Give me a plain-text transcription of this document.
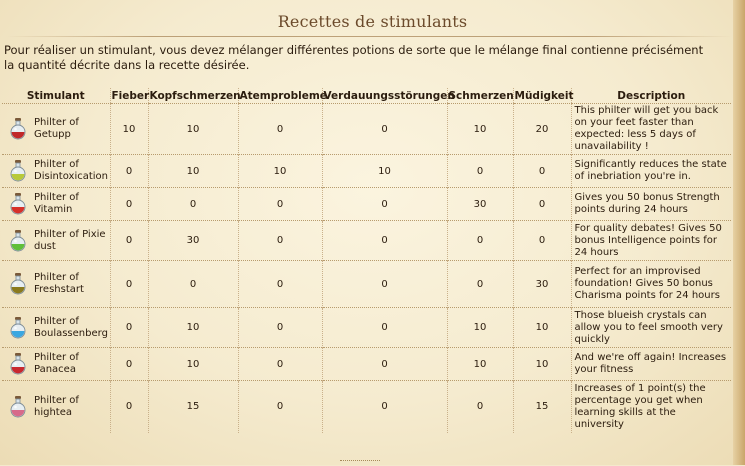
Recettes de stimulants
Pour réaliser un stimulant, vous devez mélanger différentes potions de sorte que le mélange final contienne précisément la quantité décrite dans la recette désirée.
Stimulant	Fieber	Kopfschmerzen	Atemprobleme	Verdauungsstörungen	Schmerzen	Müdigkeit	Description

Philter of Getupp	10	10	0	0	10	20	This philter will get you back on your feet faster than expected: less 5 days of unavailability !

Philter of Disintoxication	0	10	10	10	0	0	Significantly reduces the state of inebriation you're in.

Philter of Vitamin	0	0	0	0	30	0	Gives you 50 bonus Strength points during 24 hours

Philter of Pixie dust	0	30	0	0	0	0	For quality debates! Gives 50 bonus Intelligence points for 24 hours

Philter of Freshstart	0	0	0	0	0	30	Perfect for an improvised foundation! Gives 50 bonus Charisma points for 24 hours

Philter of Boulassenberg	0	10	0	0	10	10	Those blueish crystals can allow you to feel smooth very quickly

Philter of Panacea	0	10	0	0	10	10	And we're off again! Increases your fitness

Philter of hightea	0	15	0	0	0	15	Increases of 1 point(s) the percentage you get when learning skills at the university
